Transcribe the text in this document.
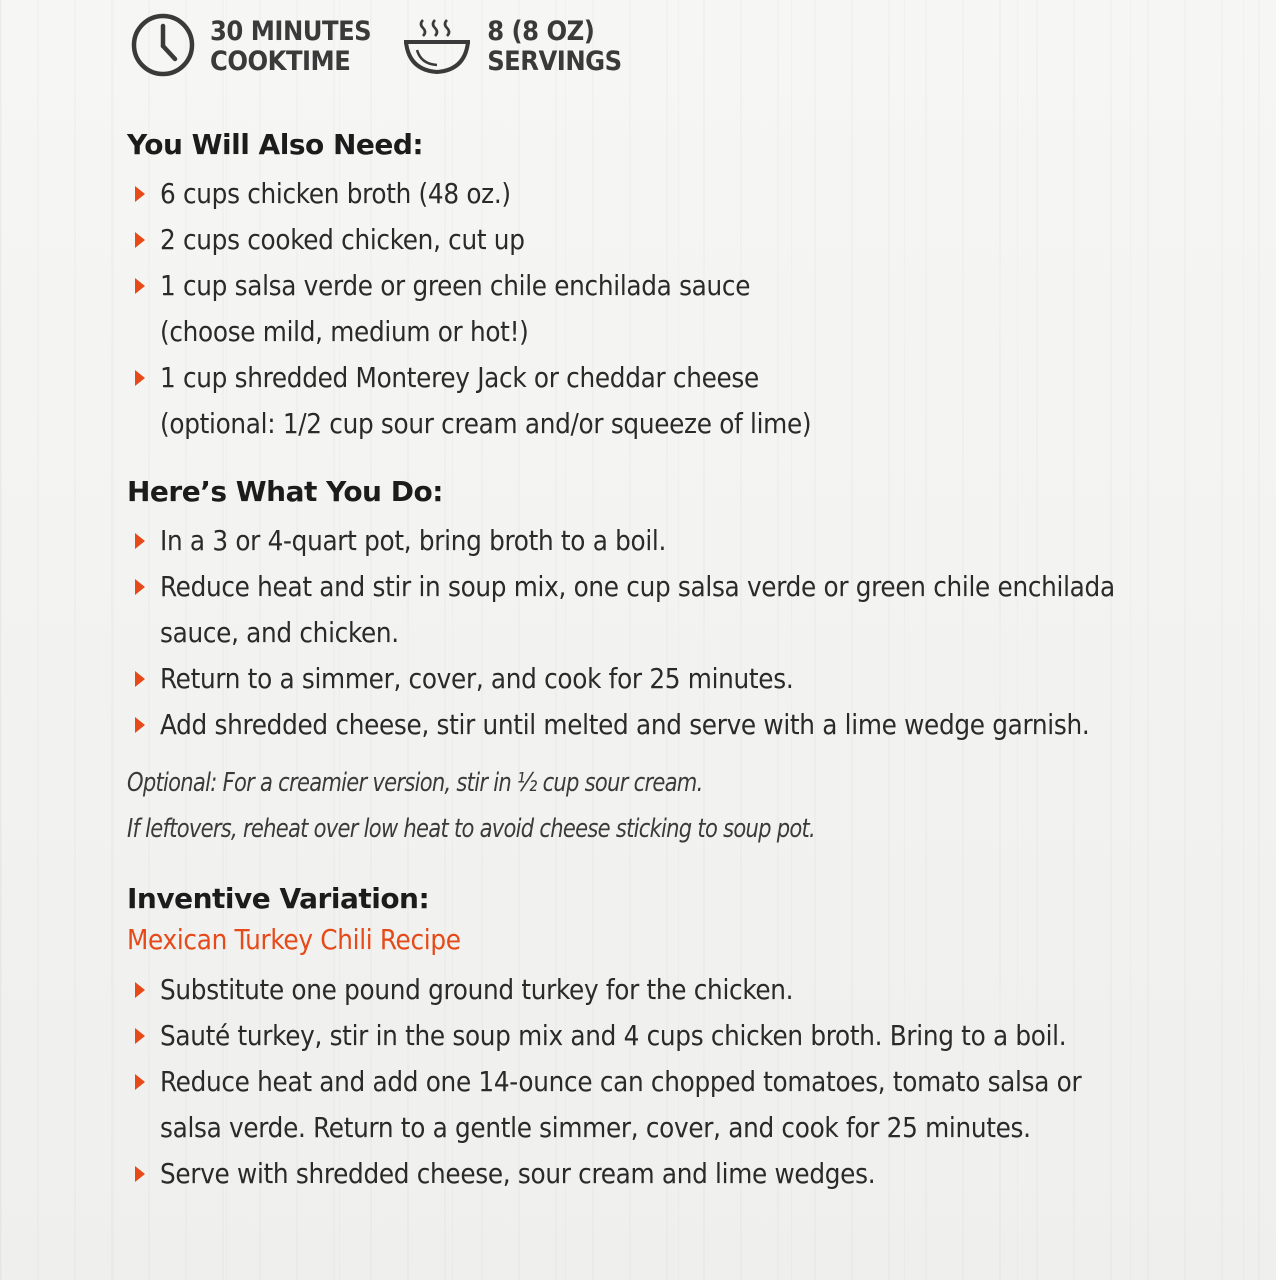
30 MINUTES
COOKTIME
8 (8 OZ)
SERVINGS
You Will Also Need:
6 cups chicken broth (48 oz.)
2 cups cooked chicken, cut up
1 cup salsa verde or green chile enchilada sauce
(choose mild, medium or hot!)
1 cup shredded Monterey Jack or cheddar cheese
(optional: 1/2 cup sour cream and/or squeeze of lime)
Here’s What You Do:
In a 3 or 4-quart pot, bring broth to a boil.
Reduce heat and stir in soup mix, one cup salsa verde or green chile enchilada
sauce, and chicken.
Return to a simmer, cover, and cook for 25 minutes.
Add shredded cheese, stir until melted and serve with a lime wedge garnish.
Optional: For a creamier version, stir in ½ cup sour cream.
If leftovers, reheat over low heat to avoid cheese sticking to soup pot.
Inventive Variation:
Mexican Turkey Chili Recipe
Substitute one pound ground turkey for the chicken.
Sauté turkey, stir in the soup mix and 4 cups chicken broth. Bring to a boil.
Reduce heat and add one 14-ounce can chopped tomatoes, tomato salsa or
salsa verde. Return to a gentle simmer, cover, and cook for 25 minutes.
Serve with shredded cheese, sour cream and lime wedges.
